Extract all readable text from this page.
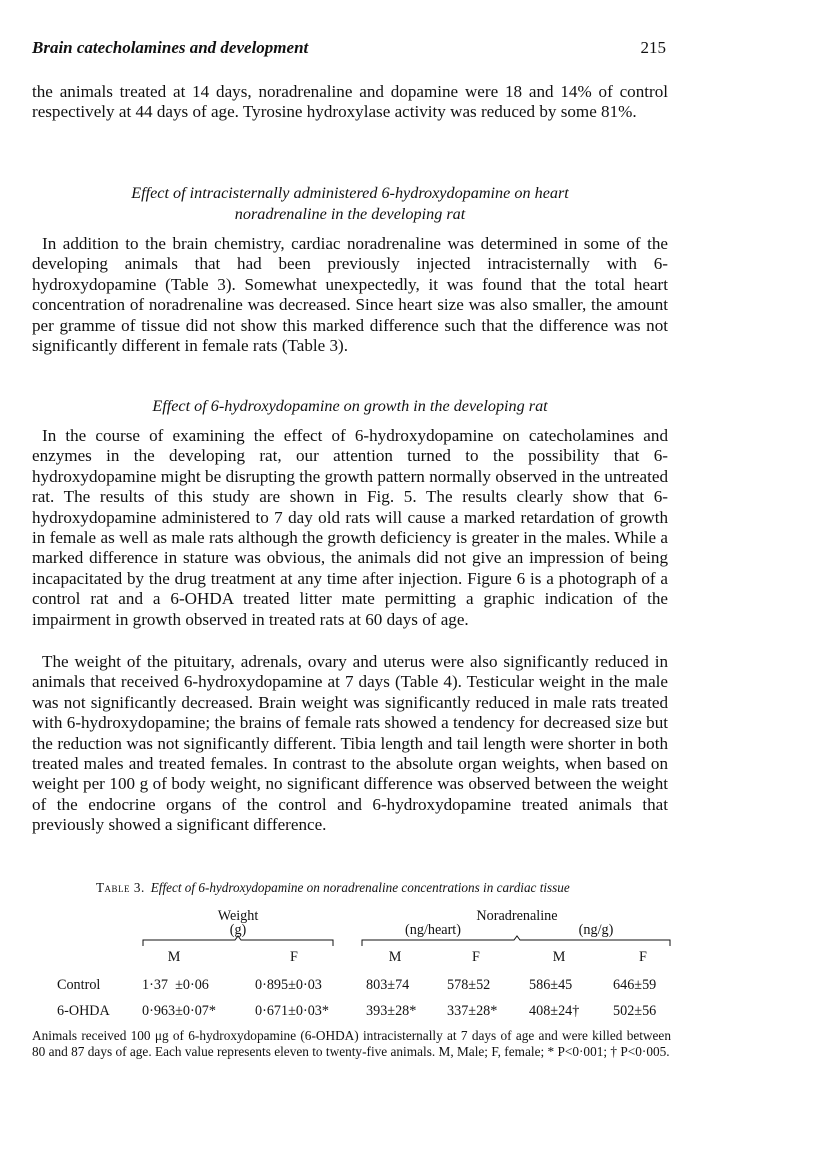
Brain catecholamines and development	215

the animals treated at 14 days, noradrenaline and dopamine were 18 and 14% of control respectively at 44 days of age. Tyrosine hydroxylase activity was reduced by some 81%.

Effect of intracisternally administered 6-hydroxydopamine on heart
noradrenaline in the developing rat

In addition to the brain chemistry, cardiac noradrenaline was determined in some of the developing animals that had been previously injected intracisternally with 6-hydroxydopamine (Table 3). Somewhat unexpectedly, it was found that the total heart concentration of noradrenaline was decreased. Since heart size was also smaller, the amount per gramme of tissue did not show this marked difference such that the difference was not significantly different in female rats (Table 3).

Effect of 6-hydroxydopamine on growth in the developing rat

In the course of examining the effect of 6-hydroxydopamine on catecholamines and enzymes in the developing rat, our attention turned to the possibility that 6-hydroxydopamine might be disrupting the growth pattern normally observed in the untreated rat. The results of this study are shown in Fig. 5. The results clearly show that 6-hydroxydopamine administered to 7 day old rats will cause a marked retardation of growth in female as well as male rats although the growth deficiency is greater in the males. While a marked difference in stature was obvious, the animals did not give an impression of being incapacitated by the drug treatment at any time after injection. Figure 6 is a photograph of a control rat and a 6-OHDA treated litter mate permitting a graphic indication of the impairment in growth observed in treated rats at 60 days of age.

The weight of the pituitary, adrenals, ovary and uterus were also significantly reduced in animals that received 6-hydroxydopamine at 7 days (Table 4). Testicular weight in the male was not significantly decreased. Brain weight was significantly reduced in male rats treated with 6-hydroxydopamine; the brains of female rats showed a tendency for decreased size but the reduction was not significantly different. Tibia length and tail length were shorter in both treated males and treated females. In contrast to the absolute organ weights, when based on weight per 100 g of body weight, no significant difference was observed between the weight of the endocrine organs of the control and 6-hydroxydopamine treated animals that previously showed a significant difference.

Table 3. Effect of 6-hydroxydopamine on noradrenaline concentrations in cardiac tissue
Weight
(g)
Noradrenaline
(ng/heart)	(ng/g)
M	F	M	F	M	F
Control	1·37  ±0·06	0·895±0·03	803±74	578±52	586±45	646±59
6-OHDA 0·963±0·07*	0·671±0·03*	393±28* 337±28* 408±24† 502±56

Animals received 100 μg of 6-hydroxydopamine (6-OHDA) intracisternally at 7 days of age and were killed between 80 and 87 days of age. Each value represents eleven to twenty-five animals. M, Male; F, female; * P<0·001; † P<0·005.
